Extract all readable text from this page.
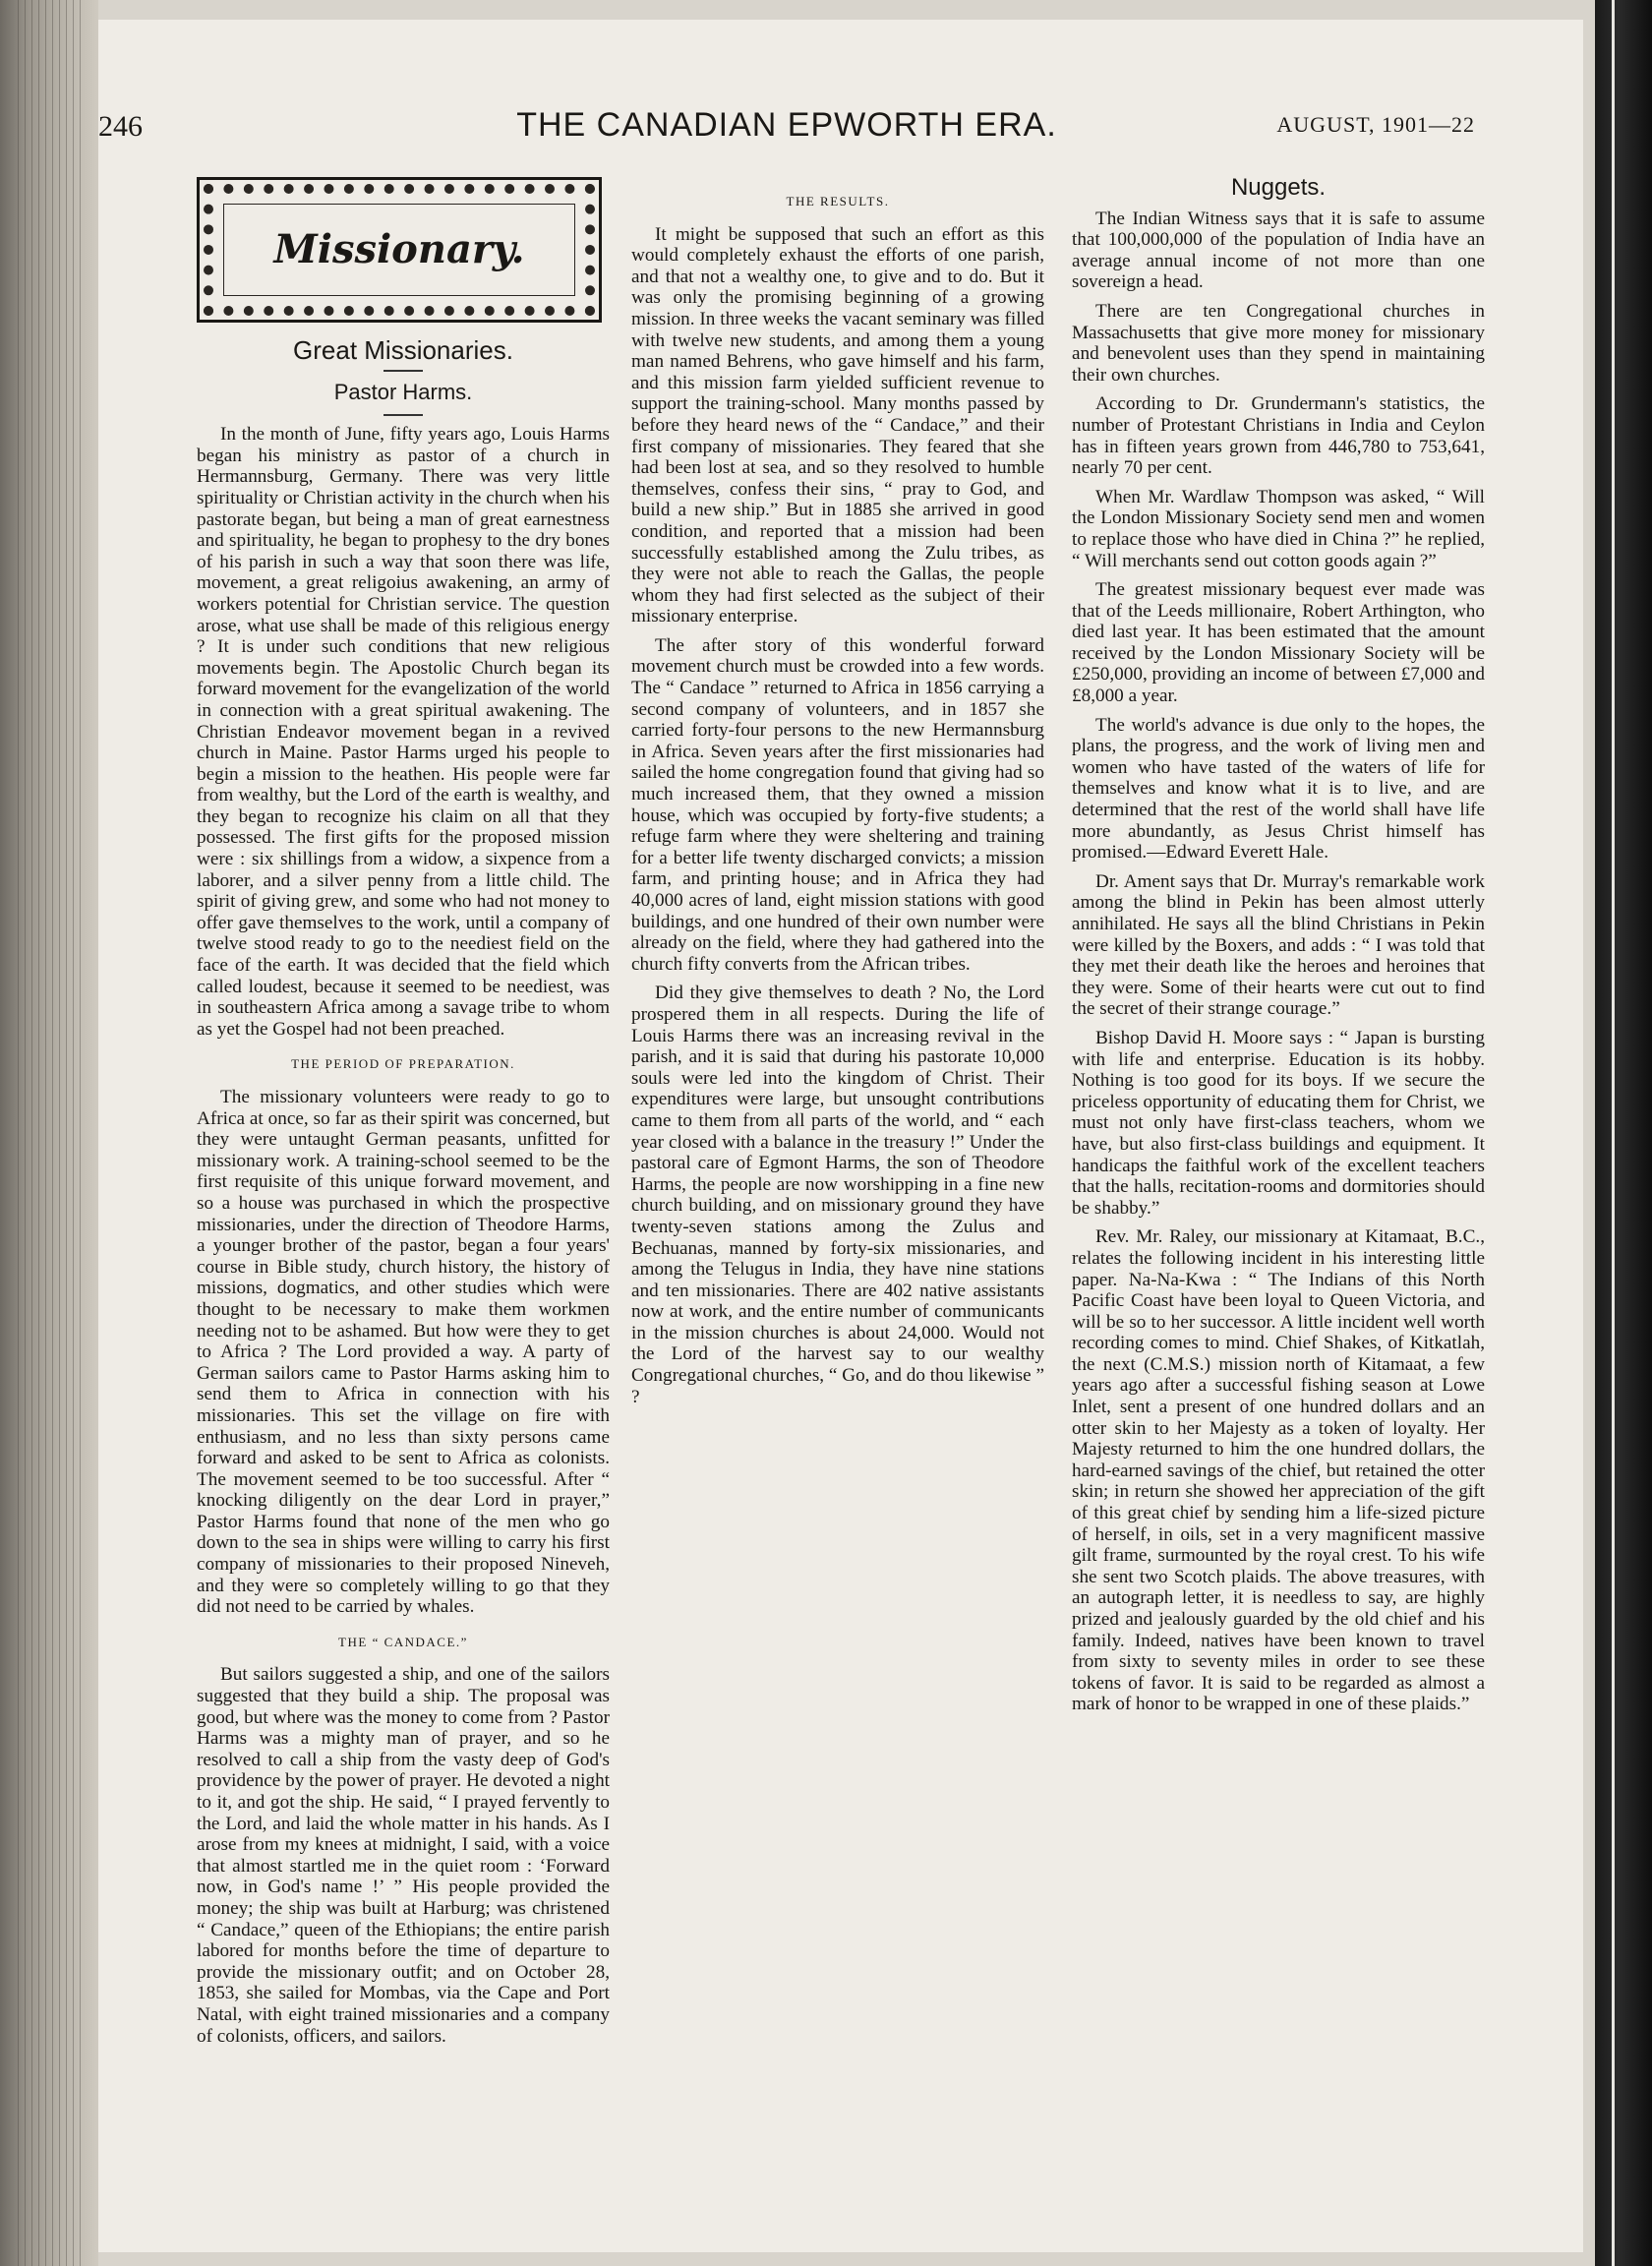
246	THE CANADIAN EPWORTH ERA.	AUGUST, 1901—22
Missionary.
Great Missionaries.
Pastor Harms.

In the month of June, fifty years ago, Louis Harms began his ministry as pastor of a church in Hermannsburg, Germany. There was very little spirituality or Christian activity in the church when his pastorate began, but being a man of great earnestness and spirituality, he began to prophesy to the dry bones of his parish in such a way that soon there was life, movement, a great religoius awakening, an army of workers potential for Christian service. The question arose, what use shall be made of this religious energy ? It is under such conditions that new religious movements begin. The Apostolic Church began its forward movement for the evangelization of the world in connection with a great spiritual awakening. The Christian Endeavor movement began in a revived church in Maine. Pastor Harms urged his people to begin a mission to the heathen. His people were far from wealthy, but the Lord of the earth is wealthy, and they began to recognize his claim on all that they possessed. The first gifts for the proposed mission were : six shillings from a widow, a sixpence from a laborer, and a silver penny from a little child. The spirit of giving grew, and some who had not money to offer gave themselves to the work, until a company of twelve stood ready to go to the neediest field on the face of the earth. It was decided that the field which called loudest, because it seemed to be neediest, was in southeastern Africa among a savage tribe to whom as yet the Gospel had not been preached.

THE PERIOD OF PREPARATION.

The missionary volunteers were ready to go to Africa at once, so far as their spirit was concerned, but they were untaught German peasants, unfitted for missionary work. A training-school seemed to be the first requisite of this unique forward movement, and so a house was purchased in which the prospective missionaries, under the direction of Theodore Harms, a younger brother of the pastor, began a four years' course in Bible study, church history, the history of missions, dogmatics, and other studies which were thought to be necessary to make them workmen needing not to be ashamed. But how were they to get to Africa ? The Lord provided a way. A party of German sailors came to Pastor Harms asking him to send them to Africa in connection with his missionaries. This set the village on fire with enthusiasm, and no less than sixty persons came forward and asked to be sent to Africa as colonists. The movement seemed to be too successful. After “ knocking diligently on the dear Lord in prayer,” Pastor Harms found that none of the men who go down to the sea in ships were willing to carry his first company of missionaries to their proposed Nineveh, and they were so completely willing to go that they did not need to be carried by whales.

THE “ CANDACE.”

But sailors suggested a ship, and one of the sailors suggested that they build a ship. The proposal was good, but where was the money to come from ? Pastor Harms was a mighty man of prayer, and so he resolved to call a ship from the vasty deep of God's providence by the power of prayer. He devoted a night to it, and got the ship. He said, “ I prayed fervently to the Lord, and laid the whole matter in his hands. As I arose from my knees at midnight, I said, with a voice that almost startled me in the quiet room : ‘Forward now, in God's name !’ ” His people provided the money; the ship was built at Harburg; was christened “ Candace,” queen of the Ethiopians; the entire parish labored for months before the time of departure to provide the missionary outfit; and on October 28, 1853, she sailed for Mombas, via the Cape and Port Natal, with eight trained missionaries and a company of colonists, officers, and sailors.

THE RESULTS.

It might be supposed that such an effort as this would completely exhaust the efforts of one parish, and that not a wealthy one, to give and to do. But it was only the promising beginning of a growing mission. In three weeks the vacant seminary was filled with twelve new students, and among them a young man named Behrens, who gave himself and his farm, and this mission farm yielded sufficient revenue to support the training-school. Many months passed by before they heard news of the “ Candace,” and their first company of missionaries. They feared that she had been lost at sea, and so they resolved to humble themselves, confess their sins, “ pray to God, and build a new ship.” But in 1885 she arrived in good condition, and reported that a mission had been successfully established among the Zulu tribes, as they were not able to reach the Gallas, the people whom they had first selected as the subject of their missionary enterprise.

The after story of this wonderful forward movement church must be crowded into a few words. The “ Candace ” returned to Africa in 1856 carrying a second company of volunteers, and in 1857 she carried forty-four persons to the new Hermannsburg in Africa. Seven years after the first missionaries had sailed the home congregation found that giving had so much increased them, that they owned a mission house, which was occupied by forty-five students; a refuge farm where they were sheltering and training for a better life twenty discharged convicts; a mission farm, and printing house; and in Africa they had 40,000 acres of land, eight mission stations with good buildings, and one hundred of their own number were already on the field, where they had gathered into the church fifty converts from the African tribes.

Did they give themselves to death ? No, the Lord prospered them in all respects. During the life of Louis Harms there was an increasing revival in the parish, and it is said that during his pastorate 10,000 souls were led into the kingdom of Christ. Their expenditures were large, but unsought contributions came to them from all parts of the world, and “ each year closed with a balance in the treasury !” Under the pastoral care of Egmont Harms, the son of Theodore Harms, the people are now worshipping in a fine new church building, and on missionary ground they have twenty-seven stations among the Zulus and Bechuanas, manned by forty-six missionaries, and among the Telugus in India, they have nine stations and ten missionaries. There are 402 native assistants now at work, and the entire number of communicants in the mission churches is about 24,000. Would not the Lord of the harvest say to our wealthy Congregational churches, “ Go, and do thou likewise ” ?

Nuggets.

The Indian Witness says that it is safe to assume that 100,000,000 of the population of India have an average annual income of not more than one sovereign a head.

There are ten Congregational churches in Massachusetts that give more money for missionary and benevolent uses than they spend in maintaining their own churches.

According to Dr. Grundermann's statistics, the number of Protestant Christians in India and Ceylon has in fifteen years grown from 446,780 to 753,641, nearly 70 per cent.

When Mr. Wardlaw Thompson was asked, “ Will the London Missionary Society send men and women to replace those who have died in China ?” he replied, “ Will merchants send out cotton goods again ?”

The greatest missionary bequest ever made was that of the Leeds millionaire, Robert Arthington, who died last year. It has been estimated that the amount received by the London Missionary Society will be £250,000, providing an income of between £7,000 and £8,000 a year.

The world's advance is due only to the hopes, the plans, the progress, and the work of living men and women who have tasted of the waters of life for themselves and know what it is to live, and are determined that the rest of the world shall have life more abundantly, as Jesus Christ himself has promised.—Edward Everett Hale.

Dr. Ament says that Dr. Murray's remarkable work among the blind in Pekin has been almost utterly annihilated. He says all the blind Christians in Pekin were killed by the Boxers, and adds : “ I was told that they met their death like the heroes and heroines that they were. Some of their hearts were cut out to find the secret of their strange courage.”

Bishop David H. Moore says : “ Japan is bursting with life and enterprise. Education is its hobby. Nothing is too good for its boys. If we secure the priceless opportunity of educating them for Christ, we must not only have first-class teachers, whom we have, but also first-class buildings and equipment. It handicaps the faithful work of the excellent teachers that the halls, recitation-rooms and dormitories should be shabby.”

Rev. Mr. Raley, our missionary at Kitamaat, B.C., relates the following incident in his interesting little paper. Na-Na-Kwa : “ The Indians of this North Pacific Coast have been loyal to Queen Victoria, and will be so to her successor. A little incident well worth recording comes to mind. Chief Shakes, of Kitkatlah, the next (C.M.S.) mission north of Kitamaat, a few years ago after a successful fishing season at Lowe Inlet, sent a present of one hundred dollars and an otter skin to her Majesty as a token of loyalty. Her Majesty returned to him the one hundred dollars, the hard-earned savings of the chief, but retained the otter skin; in return she showed her appreciation of the gift of this great chief by sending him a life-sized picture of herself, in oils, set in a very magnificent massive gilt frame, surmounted by the royal crest. To his wife she sent two Scotch plaids. The above treasures, with an autograph letter, it is needless to say, are highly prized and jealously guarded by the old chief and his family. Indeed, natives have been known to travel from sixty to seventy miles in order to see these tokens of favor. It is said to be regarded as almost a mark of honor to be wrapped in one of these plaids.”
